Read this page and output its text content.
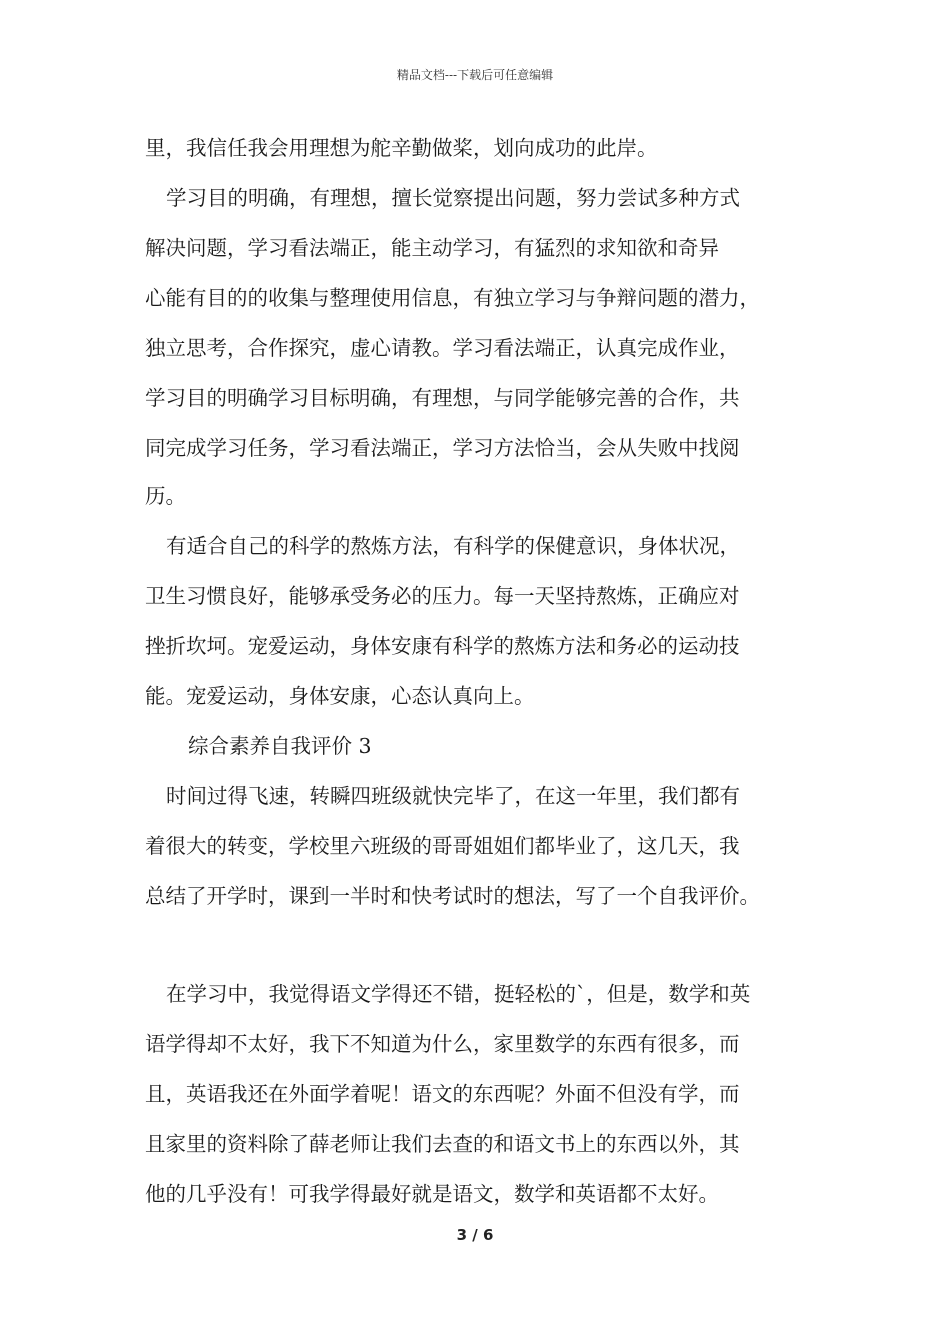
精品文档---下载后可任意编辑
里，我信任我会用理想为舵辛勤做桨，划向成功的此岸。
学习目的明确，有理想，擅长觉察提出问题，努力尝试多种方式
解决问题，学习看法端正，能主动学习，有猛烈的求知欲和奇异
心能有目的的收集与整理使用信息，有独立学习与争辩问题的潜力，
独立思考，合作探究，虚心请教。学习看法端正，认真完成作业，
学习目的明确学习目标明确，有理想，与同学能够完善的合作，共
同完成学习任务，学习看法端正，学习方法恰当，会从失败中找阅
历。
有适合自己的科学的熬炼方法，有科学的保健意识，身体状况，
卫生习惯良好，能够承受务必的压力。每一天坚持熬炼，正确应对
挫折坎坷。宠爱运动，身体安康有科学的熬炼方法和务必的运动技
能。宠爱运动，身体安康，心态认真向上。
综合素养自我评价 3
时间过得飞速，转瞬四班级就快完毕了，在这一年里，我们都有
着很大的转变，学校里六班级的哥哥姐姐们都毕业了，这几天，我
总结了开学时，课到一半时和快考试时的想法，写了一个自我评价。
在学习中，我觉得语文学得还不错，挺轻松的`，但是，数学和英
语学得却不太好，我下不知道为什么，家里数学的东西有很多，而
且，英语我还在外面学着呢！语文的东西呢？外面不但没有学，而
且家里的资料除了薛老师让我们去查的和语文书上的东西以外，其
他的几乎没有！可我学得最好就是语文，数学和英语都不太好。
3 / 6
